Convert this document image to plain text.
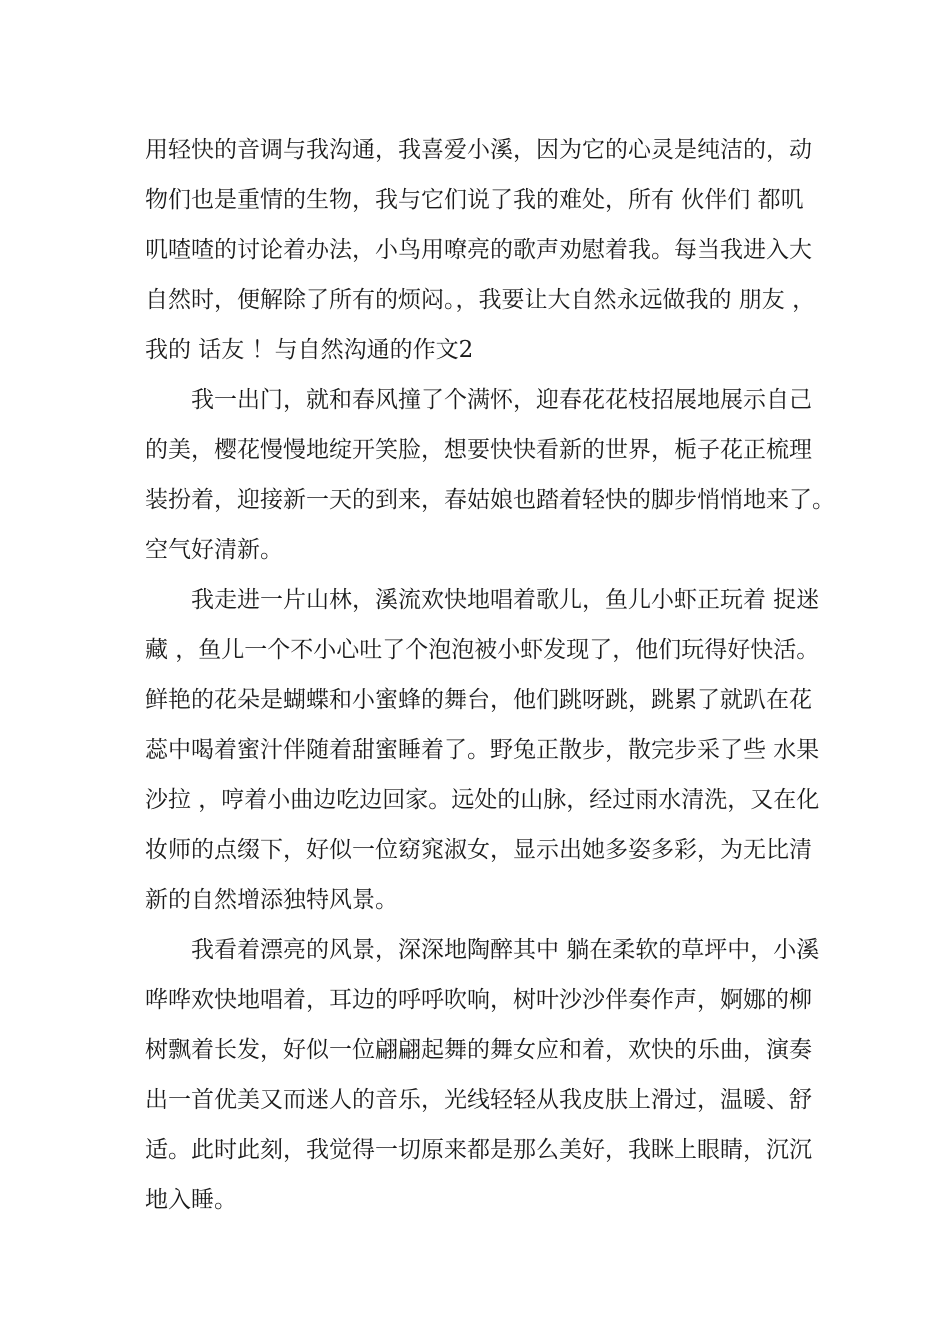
用轻快的音调与我沟通，我喜爱小溪，因为它的心灵是纯洁的，动
物们也是重情的生物，我与它们说了我的难处，所有 伙伴们 都叽
叽喳喳的讨论着办法，小鸟用嘹亮的歌声劝慰着我。每当我进入大
自然时，便解除了所有的烦闷。，我要让大自然永远做我的 朋友 ，
我的 话友 ！与自然沟通的作文2

　　我一出门，就和春风撞了个满怀，迎春花花枝招展地展示自己
的美，樱花慢慢地绽开笑脸，想要快快看新的世界，栀子花正梳理
装扮着，迎接新一天的到来，春姑娘也踏着轻快的脚步悄悄地来了。
空气好清新。

　　我走进一片山林，溪流欢快地唱着歌儿，鱼儿小虾正玩着 捉迷
藏 ，鱼儿一个不小心吐了个泡泡被小虾发现了，他们玩得好快活。
鲜艳的花朵是蝴蝶和小蜜蜂的舞台，他们跳呀跳，跳累了就趴在花
蕊中喝着蜜汁伴随着甜蜜睡着了。野兔正散步，散完步采了些 水果
沙拉 ，哼着小曲边吃边回家。远处的山脉，经过雨水清洗，又在化
妆师的点缀下，好似一位窈窕淑女，显示出她多姿多彩，为无比清
新的自然增添独特风景。

　　我看着漂亮的风景，深深地陶醉其中 躺在柔软的草坪中，小溪
哗哗欢快地唱着，耳边的呼呼吹响，树叶沙沙伴奏作声，婀娜的柳
树飘着长发，好似一位翩翩起舞的舞女应和着，欢快的乐曲，演奏
出一首优美又而迷人的音乐，光线轻轻从我皮肤上滑过，温暖、舒
适。此时此刻，我觉得一切原来都是那么美好，我眯上眼睛，沉沉
地入睡。
